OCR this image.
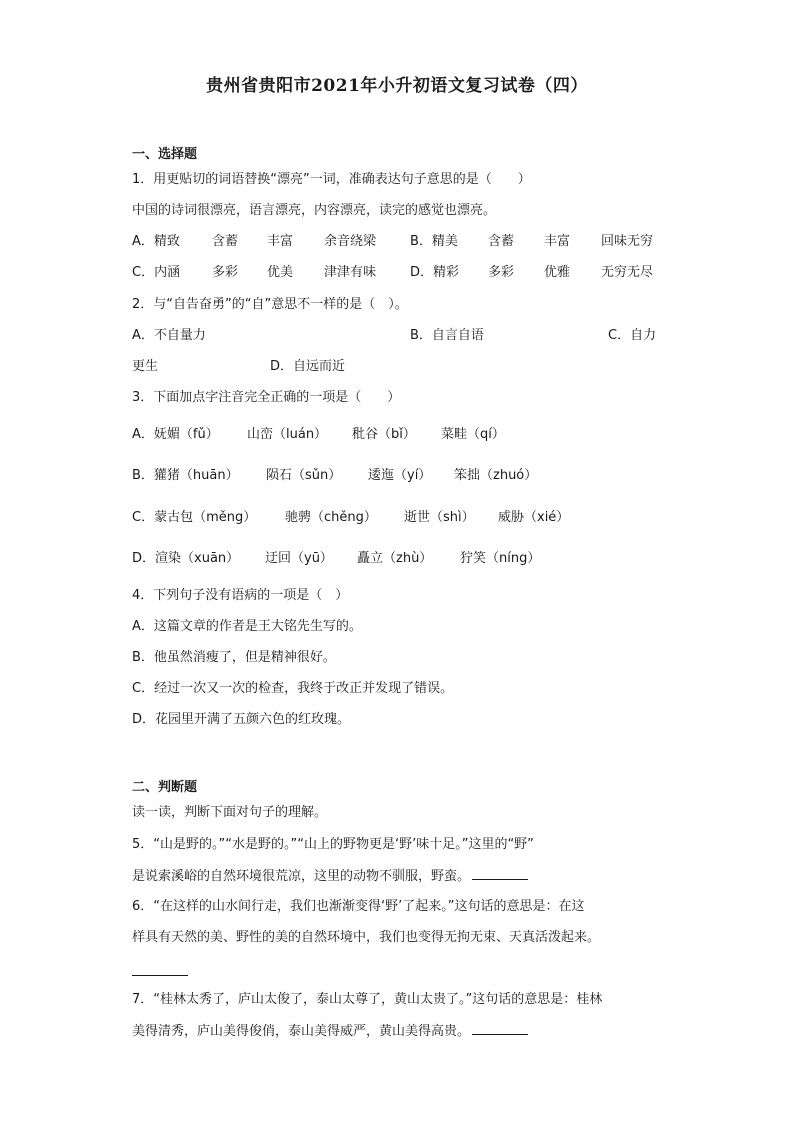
贵州省贵阳市2021年小升初语文复习试卷（四）
一、选择题
1．用更贴切的词语替换“漂亮”一词，准确表达句子意思的是（　　）
中国的诗词很漂亮，语言漂亮，内容漂亮，读完的感觉也漂亮。
A．精致 含蓄 丰富 余音绕梁	B．精美 含蓄 丰富 回味无穷
C．内涵 多彩 优美 津津有味	D．精彩 多彩 优雅 无穷无尽
2．与“自告奋勇”的“自”意思不一样的是（　）。
A．不自量力	B．自言自语	C．自力
更生	D．自远而近
3．下面加点字注音完全正确的一项是（　　）
A．妩媚（fǔ） 山峦（luán） 秕谷（bǐ） 菜畦（qí）
B．獾猪（huān） 陨石（sǔn） 逶迤（yí） 笨拙（zhuó）
C．蒙古包（měng） 驰骋（chěng） 逝世（shì） 威胁（xié）
D．渲染（xuān） 迂回（yū） 矗立（zhù） 狞笑（níng）
4．下列句子没有语病的一项是（　）
A．这篇文章的作者是王大铭先生写的。
B．他虽然消瘦了，但是精神很好。
C．经过一次又一次的检查，我终于改正并发现了错误。
D．花园里开满了五颜六色的红玫瑰。
二、判断题
读一读，判断下面对句子的理解。
5．“山是野的。”“水是野的。”“山上的野物更是‘野’味十足。”这里的“野”
是说索溪峪的自然环境很荒凉，这里的动物不驯服，野蛮。
6．“在这样的山水间行走，我们也渐渐变得‘野’了起来。”这句话的意思是：在这
样具有天然的美、野性的美的自然环境中，我们也变得无拘无束、天真活泼起来。
7．“桂林太秀了，庐山太俊了，泰山太尊了，黄山太贵了。”这句话的意思是：桂林
美得清秀，庐山美得俊俏，泰山美得威严，黄山美得高贵。
